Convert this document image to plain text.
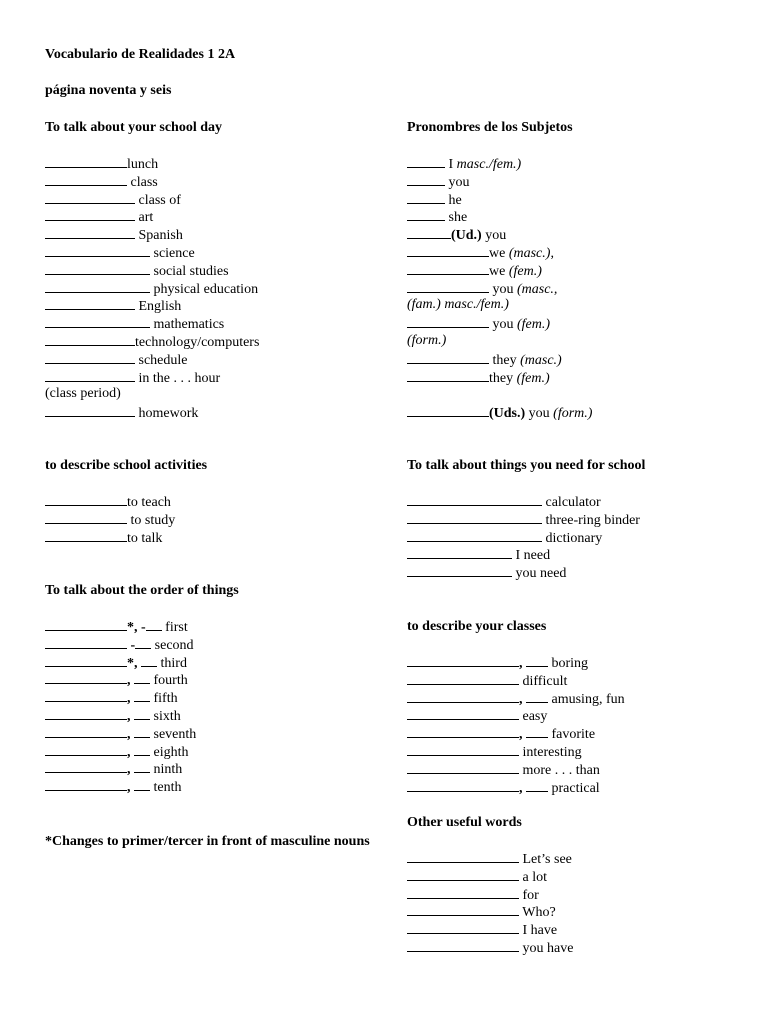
Vocabulario de Realidades 1 2A
página noventa y seis
To talk about your school day
lunch
class
class of
art
Spanish
science
social studies
physical education
English
mathematics
technology/computers
schedule
in the . . . hour
(class period)
homework
to describe school activities
to teach
to study
to talk
To talk about the order of things
*, - first
- second
*,  third
,  fourth
,  fifth
,  sixth
,  seventh
,  eighth
,  ninth
,  tenth
*Changes to primer/tercer in front of masculine nouns
Pronombres de los Subjetos
I masc./fem.)
you
he
she
(Ud.) you
we (masc.),
we (fem.)
you (masc.,
(fam.) masc./fem.)
you (fem.)
(form.)
they (masc.)
they (fem.)
(Uds.) you (form.)
To talk about things you need for school
calculator
three-ring binder
dictionary
I need
you need
to describe your classes
,  boring
difficult
,  amusing, fun
easy
,  favorite
interesting
more . . . than
,  practical
Other useful words
Let’s see
a lot
for
Who?
I have
you have
